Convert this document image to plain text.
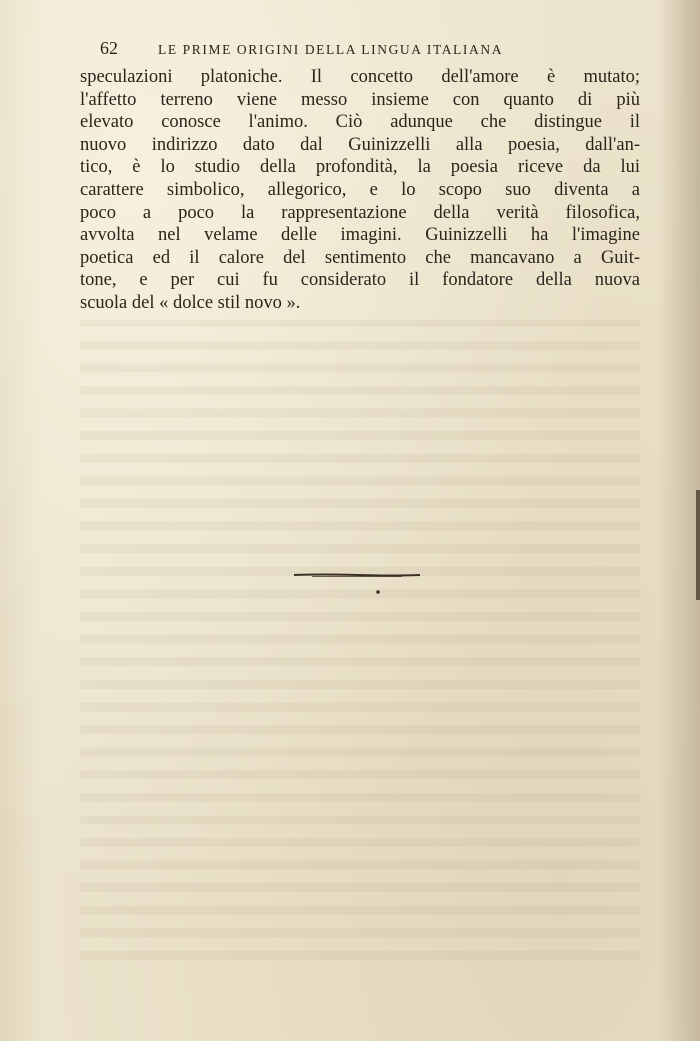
62	LE PRIME ORIGINI DELLA LINGUA ITALIANA
speculazioni platoniche. Il concetto dell'amore è mutato;
l'affetto terreno viene messo insieme con quanto di più
elevato conosce l'animo. Ciò adunque che distingue il
nuovo indirizzo dato dal Guinizzelli alla poesia, dall'an-
tico, è lo studio della profondità, la poesia riceve da lui
carattere simbolico, allegorico, e lo scopo suo diventa a
poco a poco la rappresentazione della verità filosofica,
avvolta nel velame delle imagini. Guinizzelli ha l'imagine
poetica ed il calore del sentimento che mancavano a Guit-
tone, e per cui fu considerato il fondatore della nuova
scuola del « dolce stil novo ».
